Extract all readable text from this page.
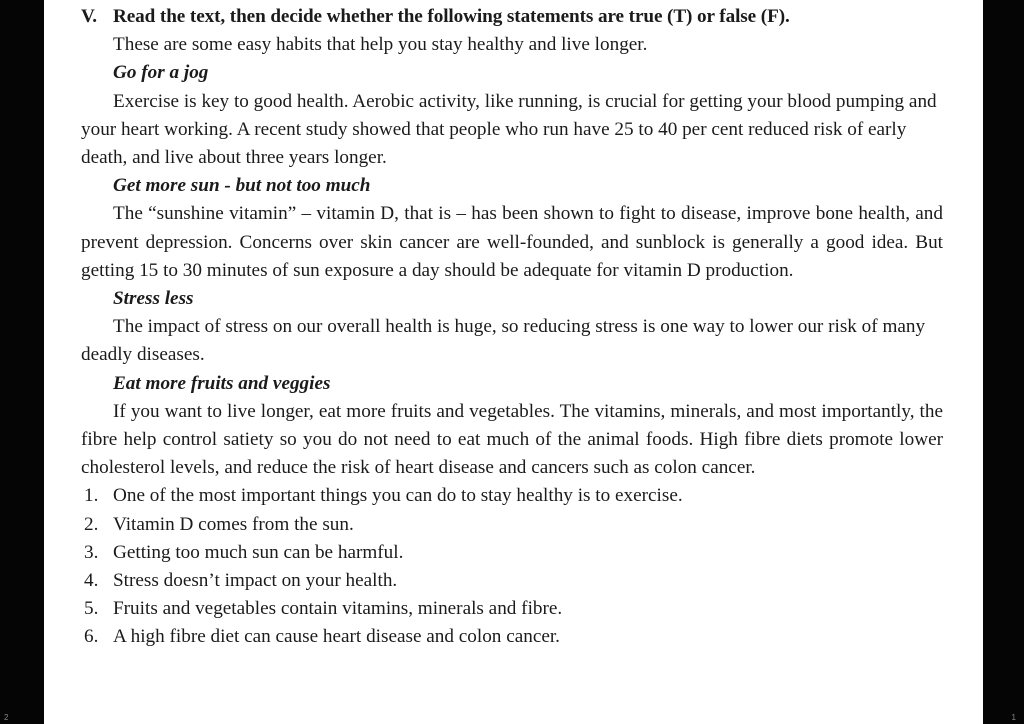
2	1
V. Read the text, then decide whether the following statements are true (T) or false (F).
These are some easy habits that help you stay healthy and live longer.
Go for a jog
Exercise is key to good health. Aerobic activity, like running, is crucial for getting your blood pumping and your heart working. A recent study showed that people who run have 25 to 40 per cent reduced risk of early death, and live about three years longer.
Get more sun - but not too much
The “sunshine vitamin” – vitamin D, that is – has been shown to fight to disease, improve bone health, and prevent depression. Concerns over skin cancer are well-founded, and sunblock is generally a good idea. But getting 15 to 30 minutes of sun exposure a day should be adequate for vitamin D production.
Stress less
The impact of stress on our overall health is huge, so reducing stress is one way to lower our risk of many deadly diseases.
Eat more fruits and veggies
If you want to live longer, eat more fruits and vegetables. The vitamins, minerals, and most importantly, the fibre help control satiety so you do not need to eat much of the animal foods. High fibre diets promote lower cholesterol levels, and reduce the risk of heart disease and cancers such as colon cancer.
1. One of the most important things you can do to stay healthy is to exercise.
2. Vitamin D comes from the sun.
3. Getting too much sun can be harmful.
4. Stress doesn’t impact on your health.
5. Fruits and vegetables contain vitamins, minerals and fibre.
6. A high fibre diet can cause heart disease and colon cancer.
